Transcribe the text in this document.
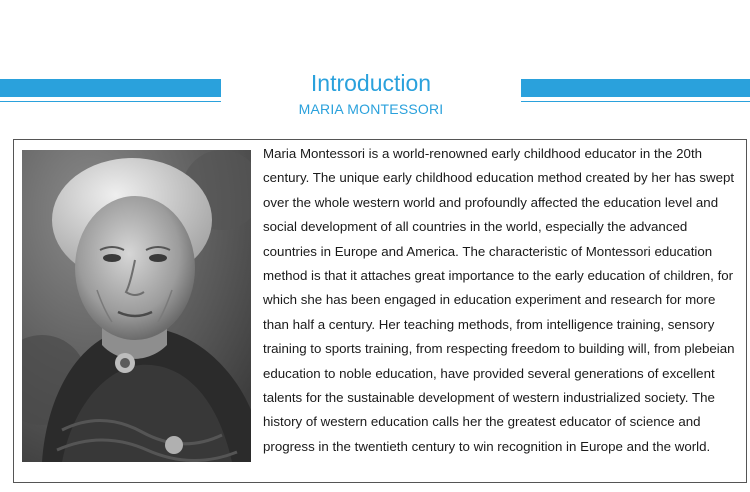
Introduction
MARIA MONTESSORI

Maria Montessori is a world-renowned early childhood educator in the 20th century. The unique early childhood education method created by her has swept over the whole western world and profoundly affected the education level and social development of all countries in the world, especially the advanced countries in Europe and America. The characteristic of Montessori education method is that it attaches great importance to the early education of children, for which she has been engaged in education experiment and research for more than half a century. Her teaching methods, from intelligence training, sensory training to sports training, from respecting freedom to building will, from plebeian education to noble education, have provided several generations of excellent talents for the sustainable development of western industrialized society. The history of western education calls her the greatest educator of science and progress in the twentieth century to win recognition in Europe and the world.
